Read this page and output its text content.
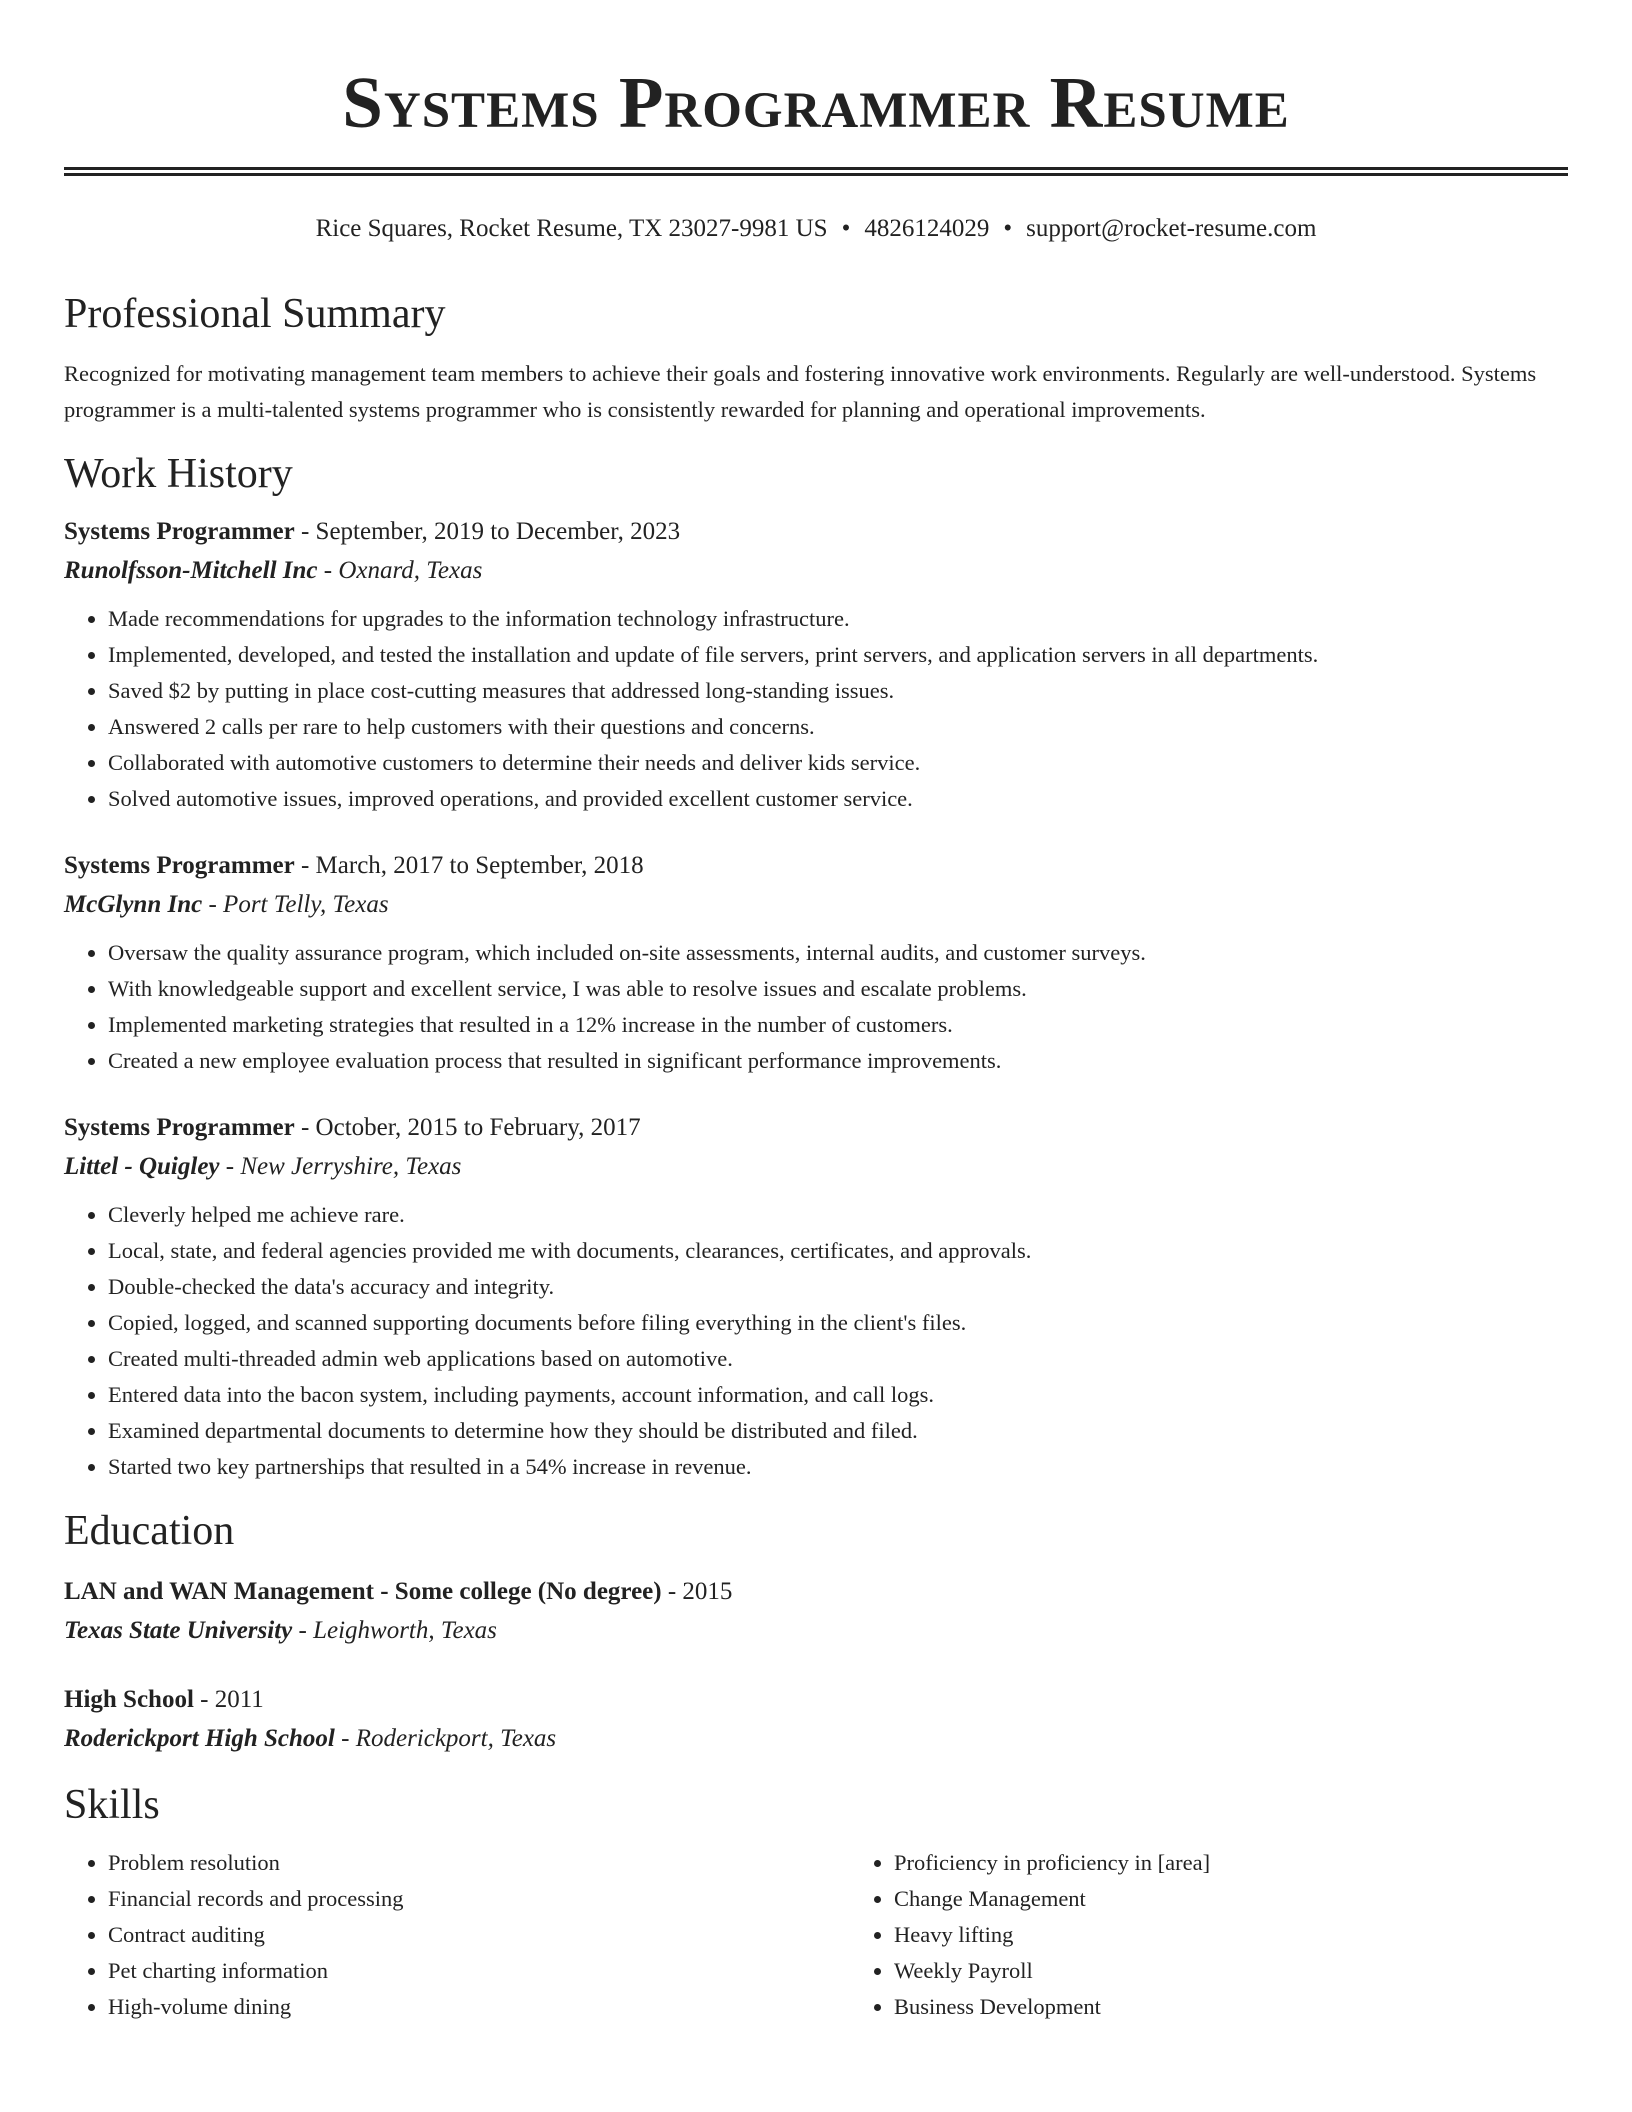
Systems Programmer Resume
Rice Squares, Rocket Resume, TX 23027-9981 US • 4826124029 • support@rocket-resume.com
Professional Summary

Recognized for motivating management team members to achieve their goals and fostering innovative work environments. Regularly are well-understood. Systems programmer is a multi-talented systems programmer who is consistently rewarded for planning and operational improvements.

Work History
Systems Programmer - September, 2019 to December, 2023
Runolfsson-Mitchell Inc - Oxnard, Texas
• Made recommendations for upgrades to the information technology infrastructure.
• Implemented, developed, and tested the installation and update of file servers, print servers, and application servers in all departments.
• Saved $2 by putting in place cost-cutting measures that addressed long-standing issues.
• Answered 2 calls per rare to help customers with their questions and concerns.
• Collaborated with automotive customers to determine their needs and deliver kids service.
• Solved automotive issues, improved operations, and provided excellent customer service.
Systems Programmer - March, 2017 to September, 2018
McGlynn Inc - Port Telly, Texas
• Oversaw the quality assurance program, which included on-site assessments, internal audits, and customer surveys.
• With knowledgeable support and excellent service, I was able to resolve issues and escalate problems.
• Implemented marketing strategies that resulted in a 12% increase in the number of customers.
• Created a new employee evaluation process that resulted in significant performance improvements.
Systems Programmer - October, 2015 to February, 2017
Littel - Quigley - New Jerryshire, Texas
• Cleverly helped me achieve rare.
• Local, state, and federal agencies provided me with documents, clearances, certificates, and approvals.
• Double-checked the data's accuracy and integrity.
• Copied, logged, and scanned supporting documents before filing everything in the client's files.
• Created multi-threaded admin web applications based on automotive.
• Entered data into the bacon system, including payments, account information, and call logs.
• Examined departmental documents to determine how they should be distributed and filed.
• Started two key partnerships that resulted in a 54% increase in revenue.
Education
LAN and WAN Management - Some college (No degree) - 2015
Texas State University - Leighworth, Texas
High School - 2011
Roderickport High School - Roderickport, Texas
Skills
• Problem resolution
• Financial records and processing
• Contract auditing
• Pet charting information
• High-volume dining
• Proficiency in proficiency in [area]
• Change Management
• Heavy lifting
• Weekly Payroll
• Business Development
